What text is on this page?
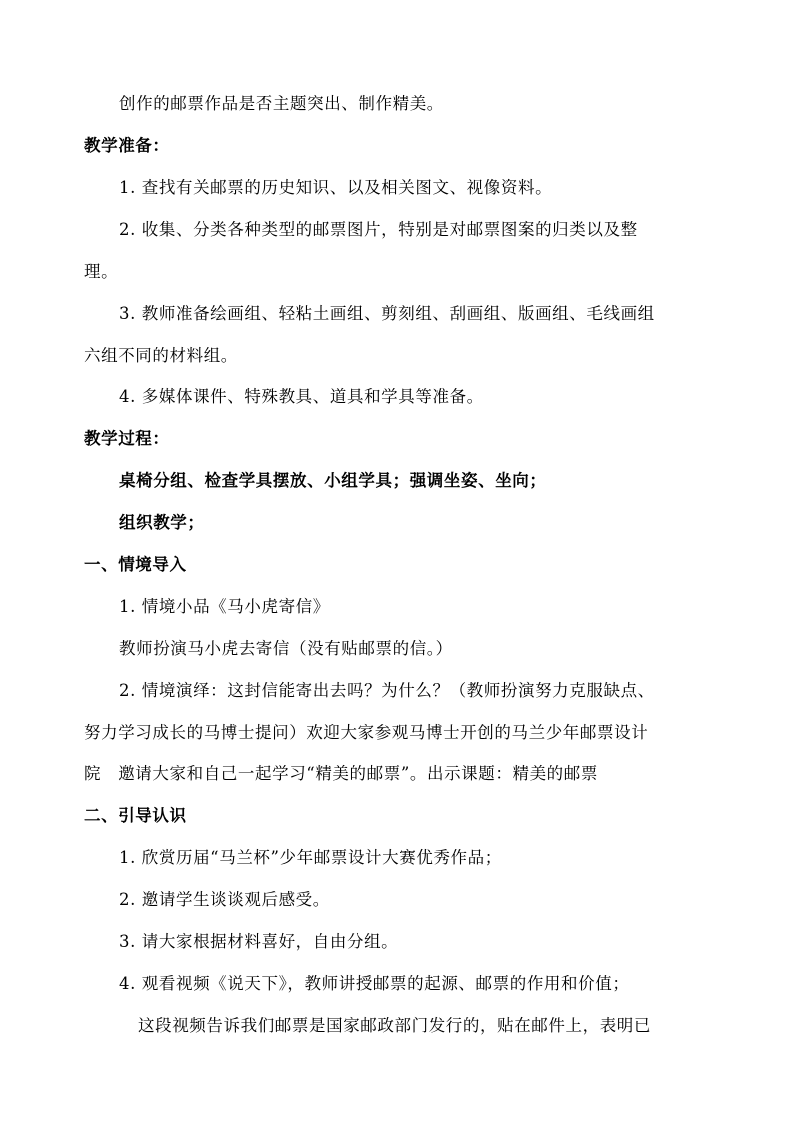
创作的邮票作品是否主题突出、制作精美。
教学准备：
1. 查找有关邮票的历史知识、以及相关图文、视像资料。
2. 收集、分类各种类型的邮票图片，特别是对邮票图案的归类以及整
理。
3. 教师准备绘画组、轻粘土画组、剪刻组、刮画组、版画组、毛线画组
六组不同的材料组。
4. 多媒体课件、特殊教具、道具和学具等准备。
教学过程：
桌椅分组、检查学具摆放、小组学具；强调坐姿、坐向；
组织教学；
一、情境导入
1. 情境小品《马小虎寄信》
教师扮演马小虎去寄信（没有贴邮票的信。）
2. 情境演绎：这封信能寄出去吗？为什么？（教师扮演努力克服缺点、
努力学习成长的马博士提问）欢迎大家参观马博士开创的马兰少年邮票设计
院　邀请大家和自己一起学习“精美的邮票”。出示课题：精美的邮票
二、引导认识
1. 欣赏历届“马兰杯”少年邮票设计大赛优秀作品；
2. 邀请学生谈谈观后感受。
3. 请大家根据材料喜好，自由分组。
4. 观看视频《说天下》，教师讲授邮票的起源、邮票的作用和价值；
这段视频告诉我们邮票是国家邮政部门发行的，贴在邮件上，表明已
